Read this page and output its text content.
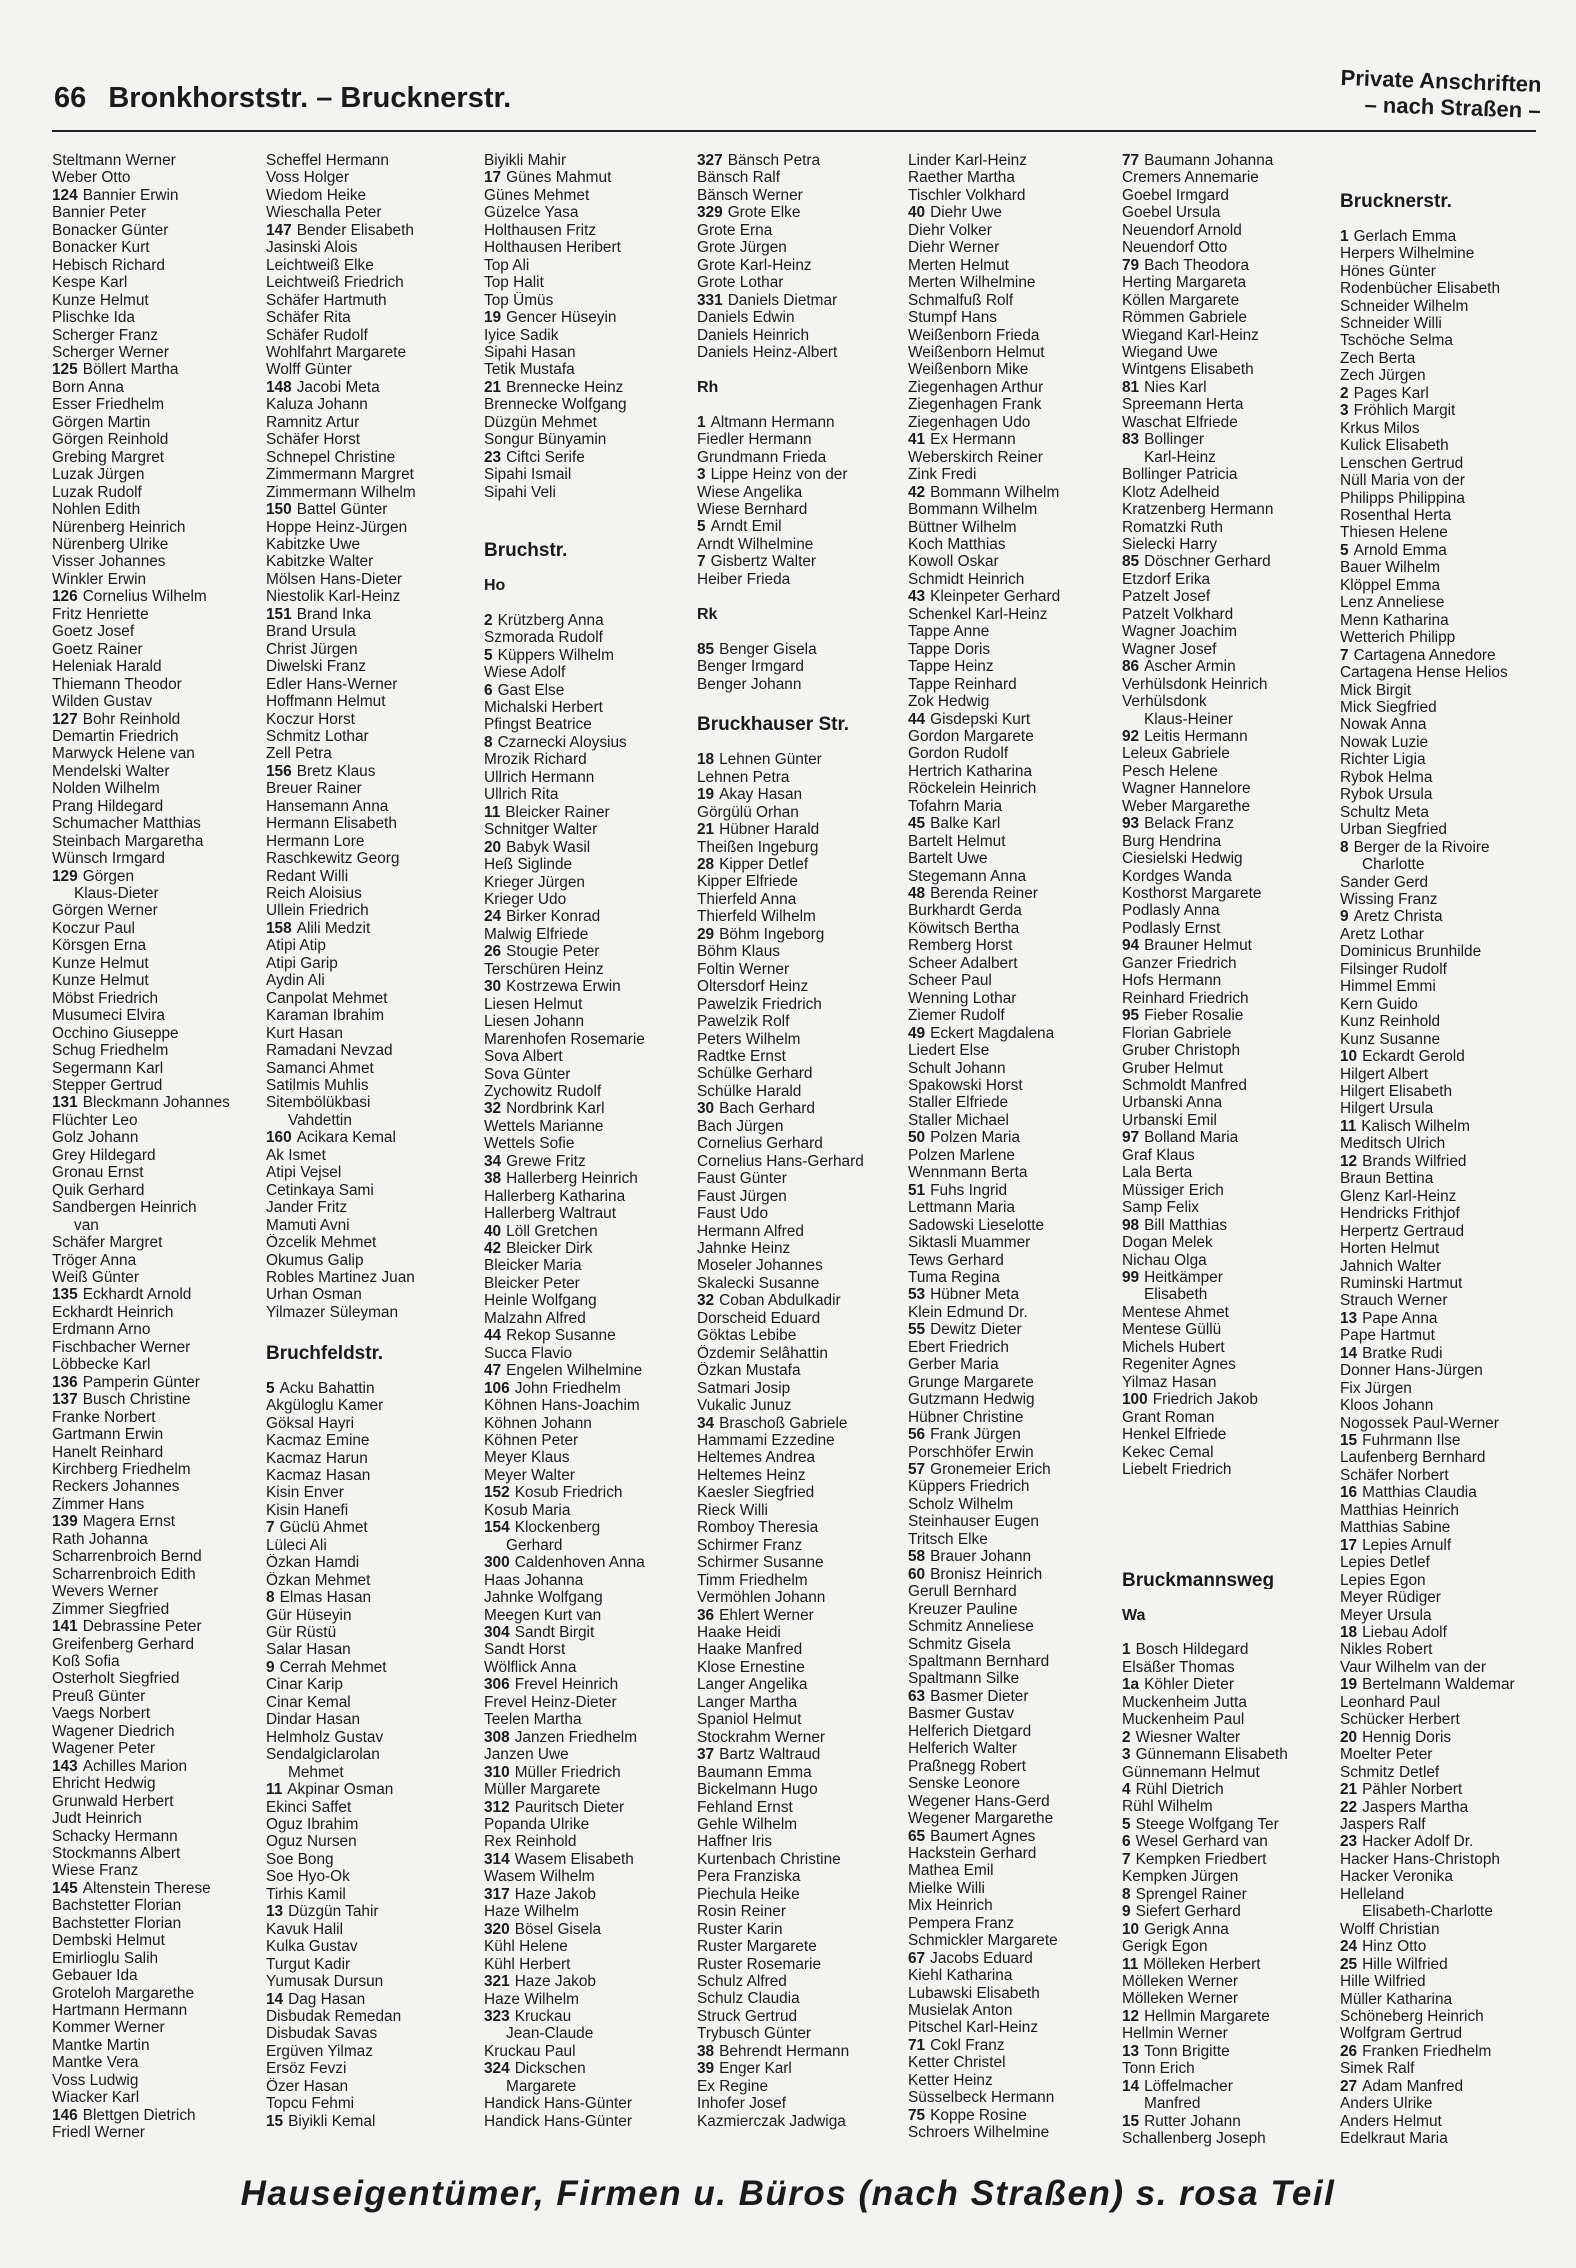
66 Bronkhorststr. – Brucknerstr.
Private Anschriften
– nach Straßen –
Steltmann Werner
Weber Otto
124 Bannier Erwin
Bannier Peter
Bonacker Günter
Bonacker Kurt
Hebisch Richard
Kespe Karl
Kunze Helmut
Plischke Ida
Scherger Franz
Scherger Werner
125 Böllert Martha
Born Anna
Esser Friedhelm
Görgen Martin
Görgen Reinhold
Grebing Margret
Luzak Jürgen
Luzak Rudolf
Nohlen Edith
Nürenberg Heinrich
Nürenberg Ulrike
Visser Johannes
Winkler Erwin
126 Cornelius Wilhelm
Fritz Henriette
Goetz Josef
Goetz Rainer
Heleniak Harald
Thiemann Theodor
Wilden Gustav
127 Bohr Reinhold
Demartin Friedrich
Marwyck Helene van
Mendelski Walter
Nolden Wilhelm
Prang Hildegard
Schumacher Matthias
Steinbach Margaretha
Wünsch Irmgard
129 Görgen
Klaus-Dieter
Görgen Werner
Koczur Paul
Körsgen Erna
Kunze Helmut
Kunze Helmut
Möbst Friedrich
Musumeci Elvira
Occhino Giuseppe
Schug Friedhelm
Segermann Karl
Stepper Gertrud
131 Bleckmann Johannes
Flüchter Leo
Golz Johann
Grey Hildegard
Gronau Ernst
Quik Gerhard
Sandbergen Heinrich
van
Schäfer Margret
Tröger Anna
Weiß Günter
135 Eckhardt Arnold
Eckhardt Heinrich
Erdmann Arno
Fischbacher Werner
Löbbecke Karl
136 Pamperin Günter
137 Busch Christine
Franke Norbert
Gartmann Erwin
Hanelt Reinhard
Kirchberg Friedhelm
Reckers Johannes
Zimmer Hans
139 Magera Ernst
Rath Johanna
Scharrenbroich Bernd
Scharrenbroich Edith
Wevers Werner
Zimmer Siegfried
141 Debrassine Peter
Greifenberg Gerhard
Koß Sofia
Osterholt Siegfried
Preuß Günter
Vaegs Norbert
Wagener Diedrich
Wagener Peter
143 Achilles Marion
Ehricht Hedwig
Grunwald Herbert
Judt Heinrich
Schacky Hermann
Stockmanns Albert
Wiese Franz
145 Altenstein Therese
Bachstetter Florian
Bachstetter Florian
Dembski Helmut
Emirlioglu Salih
Gebauer Ida
Groteloh Margarethe
Hartmann Hermann
Kommer Werner
Mantke Martin
Mantke Vera
Voss Ludwig
Wiacker Karl
146 Blettgen Dietrich
Friedl Werner
Scheffel Hermann
Voss Holger
Wiedom Heike
Wieschalla Peter
147 Bender Elisabeth
Jasinski Alois
Leichtweiß Elke
Leichtweiß Friedrich
Schäfer Hartmuth
Schäfer Rita
Schäfer Rudolf
Wohlfahrt Margarete
Wolff Günter
148 Jacobi Meta
Kaluza Johann
Ramnitz Artur
Schäfer Horst
Schnepel Christine
Zimmermann Margret
Zimmermann Wilhelm
150 Battel Günter
Hoppe Heinz-Jürgen
Kabitzke Uwe
Kabitzke Walter
Mölsen Hans-Dieter
Niestolik Karl-Heinz
151 Brand Inka
Brand Ursula
Christ Jürgen
Diwelski Franz
Edler Hans-Werner
Hoffmann Helmut
Koczur Horst
Schmitz Lothar
Zell Petra
156 Bretz Klaus
Breuer Rainer
Hansemann Anna
Hermann Elisabeth
Hermann Lore
Raschkewitz Georg
Redant Willi
Reich Aloisius
Ullein Friedrich
158 Alili Medzit
Atipi Atip
Atipi Garip
Aydin Ali
Canpolat Mehmet
Karaman Ibrahim
Kurt Hasan
Ramadani Nevzad
Samanci Ahmet
Satilmis Muhlis
Sitembölükbasi
Vahdettin
160 Acikara Kemal
Ak Ismet
Atipi Vejsel
Cetinkaya Sami
Jander Fritz
Mamuti Avni
Özcelik Mehmet
Okumus Galip
Robles Martinez Juan
Urhan Osman
Yilmazer Süleyman
Bruchfeldstr.
5 Acku Bahattin
Akgüloglu Kamer
Göksal Hayri
Kacmaz Emine
Kacmaz Harun
Kacmaz Hasan
Kisin Enver
Kisin Hanefi
7 Güclü Ahmet
Lüleci Ali
Özkan Hamdi
Özkan Mehmet
8 Elmas Hasan
Gür Hüseyin
Gür Rüstü
Salar Hasan
9 Cerrah Mehmet
Cinar Karip
Cinar Kemal
Dindar Hasan
Helmholz Gustav
Sendalgiclarolan
Mehmet
11 Akpinar Osman
Ekinci Saffet
Oguz Ibrahim
Oguz Nursen
Soe Bong
Soe Hyo-Ok
Tirhis Kamil
13 Düzgün Tahir
Kavuk Halil
Kulka Gustav
Turgut Kadir
Yumusak Dursun
14 Dag Hasan
Disbudak Remedan
Disbudak Savas
Ergüven Yilmaz
Ersöz Fevzi
Özer Hasan
Topcu Fehmi
15 Biyikli Kemal
Biyikli Mahir
17 Günes Mahmut
Günes Mehmet
Güzelce Yasa
Holthausen Fritz
Holthausen Heribert
Top Ali
Top Halit
Top Ümüs
19 Gencer Hüseyin
Iyice Sadik
Sipahi Hasan
Tetik Mustafa
21 Brennecke Heinz
Brennecke Wolfgang
Düzgün Mehmet
Songur Bünyamin
23 Ciftci Serife
Sipahi Ismail
Sipahi Veli
Bruchstr.
Ho
2 Krützberg Anna
Szmorada Rudolf
5 Küppers Wilhelm
Wiese Adolf
6 Gast Else
Michalski Herbert
Pfingst Beatrice
8 Czarnecki Aloysius
Mrozik Richard
Ullrich Hermann
Ullrich Rita
11 Bleicker Rainer
Schnitger Walter
20 Babyk Wasil
Heß Siglinde
Krieger Jürgen
Krieger Udo
24 Birker Konrad
Malwig Elfriede
26 Stougie Peter
Terschüren Heinz
30 Kostrzewa Erwin
Liesen Helmut
Liesen Johann
Marenhofen Rosemarie
Sova Albert
Sova Günter
Zychowitz Rudolf
32 Nordbrink Karl
Wettels Marianne
Wettels Sofie
34 Grewe Fritz
38 Hallerberg Heinrich
Hallerberg Katharina
Hallerberg Waltraut
40 Löll Gretchen
42 Bleicker Dirk
Bleicker Maria
Bleicker Peter
Heinle Wolfgang
Malzahn Alfred
44 Rekop Susanne
Succa Flavio
47 Engelen Wilhelmine
106 John Friedhelm
Köhnen Hans-Joachim
Köhnen Johann
Köhnen Peter
Meyer Klaus
Meyer Walter
152 Kosub Friedrich
Kosub Maria
154 Klockenberg
Gerhard
300 Caldenhoven Anna
Haas Johanna
Jahnke Wolfgang
Meegen Kurt van
304 Sandt Birgit
Sandt Horst
Wölflick Anna
306 Frevel Heinrich
Frevel Heinz-Dieter
Teelen Martha
308 Janzen Friedhelm
Janzen Uwe
310 Müller Friedrich
Müller Margarete
312 Pauritsch Dieter
Popanda Ulrike
Rex Reinhold
314 Wasem Elisabeth
Wasem Wilhelm
317 Haze Jakob
Haze Wilhelm
320 Bösel Gisela
Kühl Helene
Kühl Herbert
321 Haze Jakob
Haze Wilhelm
323 Kruckau
Jean-Claude
Kruckau Paul
324 Dickschen
Margarete
Handick Hans-Günter
Handick Hans-Günter
327 Bänsch Petra
Bänsch Ralf
Bänsch Werner
329 Grote Elke
Grote Erna
Grote Jürgen
Grote Karl-Heinz
Grote Lothar
331 Daniels Dietmar
Daniels Edwin
Daniels Heinrich
Daniels Heinz-Albert
Rh
1 Altmann Hermann
Fiedler Hermann
Grundmann Frieda
3 Lippe Heinz von der
Wiese Angelika
Wiese Bernhard
5 Arndt Emil
Arndt Wilhelmine
7 Gisbertz Walter
Heiber Frieda
Rk
85 Benger Gisela
Benger Irmgard
Benger Johann
Bruckhauser Str.
18 Lehnen Günter
Lehnen Petra
19 Akay Hasan
Görgülü Orhan
21 Hübner Harald
Theißen Ingeburg
28 Kipper Detlef
Kipper Elfriede
Thierfeld Anna
Thierfeld Wilhelm
29 Böhm Ingeborg
Böhm Klaus
Foltin Werner
Oltersdorf Heinz
Pawelzik Friedrich
Pawelzik Rolf
Peters Wilhelm
Radtke Ernst
Schülke Gerhard
Schülke Harald
30 Bach Gerhard
Bach Jürgen
Cornelius Gerhard
Cornelius Hans-Gerhard
Faust Günter
Faust Jürgen
Faust Udo
Hermann Alfred
Jahnke Heinz
Moseler Johannes
Skalecki Susanne
32 Coban Abdulkadir
Dorscheid Eduard
Göktas Lebibe
Özdemir Selâhattin
Özkan Mustafa
Satmari Josip
Vukalic Junuz
34 Braschoß Gabriele
Hammami Ezzedine
Heltemes Andrea
Heltemes Heinz
Kaesler Siegfried
Rieck Willi
Romboy Theresia
Schirmer Franz
Schirmer Susanne
Timm Friedhelm
Vermöhlen Johann
36 Ehlert Werner
Haake Heidi
Haake Manfred
Klose Ernestine
Langer Angelika
Langer Martha
Spaniol Helmut
Stockrahm Werner
37 Bartz Waltraud
Baumann Emma
Bickelmann Hugo
Fehland Ernst
Gehle Wilhelm
Haffner Iris
Kurtenbach Christine
Pera Franziska
Piechula Heike
Rosin Reiner
Ruster Karin
Ruster Margarete
Ruster Rosemarie
Schulz Alfred
Schulz Claudia
Struck Gertrud
Trybusch Günter
38 Behrendt Hermann
39 Enger Karl
Ex Regine
Inhofer Josef
Kazmierczak Jadwiga
Linder Karl-Heinz
Raether Martha
Tischler Volkhard
40 Diehr Uwe
Diehr Volker
Diehr Werner
Merten Helmut
Merten Wilhelmine
Schmalfuß Rolf
Stumpf Hans
Weißenborn Frieda
Weißenborn Helmut
Weißenborn Mike
Ziegenhagen Arthur
Ziegenhagen Frank
Ziegenhagen Udo
41 Ex Hermann
Weberskirch Reiner
Zink Fredi
42 Bommann Wilhelm
Bommann Wilhelm
Büttner Wilhelm
Koch Matthias
Kowoll Oskar
Schmidt Heinrich
43 Kleinpeter Gerhard
Schenkel Karl-Heinz
Tappe Anne
Tappe Doris
Tappe Heinz
Tappe Reinhard
Zok Hedwig
44 Gisdepski Kurt
Gordon Margarete
Gordon Rudolf
Hertrich Katharina
Röckelein Heinrich
Tofahrn Maria
45 Balke Karl
Bartelt Helmut
Bartelt Uwe
Stegemann Anna
48 Berenda Reiner
Burkhardt Gerda
Köwitsch Bertha
Remberg Horst
Scheer Adalbert
Scheer Paul
Wenning Lothar
Ziemer Rudolf
49 Eckert Magdalena
Liedert Else
Schult Johann
Spakowski Horst
Staller Elfriede
Staller Michael
50 Polzen Maria
Polzen Marlene
Wennmann Berta
51 Fuhs Ingrid
Lettmann Maria
Sadowski Lieselotte
Siktasli Muammer
Tews Gerhard
Tuma Regina
53 Hübner Meta
Klein Edmund Dr.
55 Dewitz Dieter
Ebert Friedrich
Gerber Maria
Grunge Margarete
Gutzmann Hedwig
Hübner Christine
56 Frank Jürgen
Porschhöfer Erwin
57 Gronemeier Erich
Küppers Friedrich
Scholz Wilhelm
Steinhauser Eugen
Tritsch Elke
58 Brauer Johann
60 Bronisz Heinrich
Gerull Bernhard
Kreuzer Pauline
Schmitz Anneliese
Schmitz Gisela
Spaltmann Bernhard
Spaltmann Silke
63 Basmer Dieter
Basmer Gustav
Helferich Dietgard
Helferich Walter
Praßnegg Robert
Senske Leonore
Wegener Hans-Gerd
Wegener Margarethe
65 Baumert Agnes
Hackstein Gerhard
Mathea Emil
Mielke Willi
Mix Heinrich
Pempera Franz
Schmickler Margarete
67 Jacobs Eduard
Kiehl Katharina
Lubawski Elisabeth
Musielak Anton
Pitschel Karl-Heinz
71 Cokl Franz
Ketter Christel
Ketter Heinz
Süsselbeck Hermann
75 Koppe Rosine
Schroers Wilhelmine
77 Baumann Johanna
Cremers Annemarie
Goebel Irmgard
Goebel Ursula
Neuendorf Arnold
Neuendorf Otto
79 Bach Theodora
Herting Margareta
Köllen Margarete
Römmen Gabriele
Wiegand Karl-Heinz
Wiegand Uwe
Wintgens Elisabeth
81 Nies Karl
Spreemann Herta
Waschat Elfriede
83 Bollinger
Karl-Heinz
Bollinger Patricia
Klotz Adelheid
Kratzenberg Hermann
Romatzki Ruth
Sielecki Harry
85 Döschner Gerhard
Etzdorf Erika
Patzelt Josef
Patzelt Volkhard
Wagner Joachim
Wagner Josef
86 Ascher Armin
Verhülsdonk Heinrich
Verhülsdonk
Klaus-Heiner
92 Leitis Hermann
Leleux Gabriele
Pesch Helene
Wagner Hannelore
Weber Margarethe
93 Belack Franz
Burg Hendrina
Ciesielski Hedwig
Kordges Wanda
Kosthorst Margarete
Podlasly Anna
Podlasly Ernst
94 Brauner Helmut
Ganzer Friedrich
Hofs Hermann
Reinhard Friedrich
95 Fieber Rosalie
Florian Gabriele
Gruber Christoph
Gruber Helmut
Schmoldt Manfred
Urbanski Anna
Urbanski Emil
97 Bolland Maria
Graf Klaus
Lala Berta
Müssiger Erich
Samp Felix
98 Bill Matthias
Dogan Melek
Nichau Olga
99 Heitkämper
Elisabeth
Mentese Ahmet
Mentese Güllü
Michels Hubert
Regeniter Agnes
Yilmaz Hasan
100 Friedrich Jakob
Grant Roman
Henkel Elfriede
Kekec Cemal
Liebelt Friedrich
Bruckmannsweg
Wa
1 Bosch Hildegard
Elsäßer Thomas
1a Köhler Dieter
Muckenheim Jutta
Muckenheim Paul
2 Wiesner Walter
3 Günnemann Elisabeth
Günnemann Helmut
4 Rühl Dietrich
Rühl Wilhelm
5 Steege Wolfgang Ter
6 Wesel Gerhard van
7 Kempken Friedbert
Kempken Jürgen
8 Sprengel Rainer
9 Siefert Gerhard
10 Gerigk Anna
Gerigk Egon
11 Mölleken Herbert
Mölleken Werner
Mölleken Werner
12 Hellmin Margarete
Hellmin Werner
13 Tonn Brigitte
Tonn Erich
14 Löffelmacher
Manfred
15 Rutter Johann
Schallenberg Joseph
Brucknerstr.
1 Gerlach Emma
Herpers Wilhelmine
Hönes Günter
Rodenbücher Elisabeth
Schneider Wilhelm
Schneider Willi
Tschöche Selma
Zech Berta
Zech Jürgen
2 Pages Karl
3 Fröhlich Margit
Krkus Milos
Kulick Elisabeth
Lenschen Gertrud
Nüll Maria von der
Philipps Philippina
Rosenthal Herta
Thiesen Helene
5 Arnold Emma
Bauer Wilhelm
Klöppel Emma
Lenz Anneliese
Menn Katharina
Wetterich Philipp
7 Cartagena Annedore
Cartagena Hense Helios
Mick Birgit
Mick Siegfried
Nowak Anna
Nowak Luzie
Richter Ligia
Rybok Helma
Rybok Ursula
Schultz Meta
Urban Siegfried
8 Berger de la Rivoire
Charlotte
Sander Gerd
Wissing Franz
9 Aretz Christa
Aretz Lothar
Dominicus Brunhilde
Filsinger Rudolf
Himmel Emmi
Kern Guido
Kunz Reinhold
Kunz Susanne
10 Eckardt Gerold
Hilgert Albert
Hilgert Elisabeth
Hilgert Ursula
11 Kalisch Wilhelm
Meditsch Ulrich
12 Brands Wilfried
Braun Bettina
Glenz Karl-Heinz
Hendricks Frithjof
Herpertz Gertraud
Horten Helmut
Jahnich Walter
Ruminski Hartmut
Strauch Werner
13 Pape Anna
Pape Hartmut
14 Bratke Rudi
Donner Hans-Jürgen
Fix Jürgen
Kloos Johann
Nogossek Paul-Werner
15 Fuhrmann Ilse
Laufenberg Bernhard
Schäfer Norbert
16 Matthias Claudia
Matthias Heinrich
Matthias Sabine
17 Lepies Arnulf
Lepies Detlef
Lepies Egon
Meyer Rüdiger
Meyer Ursula
18 Liebau Adolf
Nikles Robert
Vaur Wilhelm van der
19 Bertelmann Waldemar
Leonhard Paul
Schücker Herbert
20 Hennig Doris
Moelter Peter
Schmitz Detlef
21 Pähler Norbert
22 Jaspers Martha
Jaspers Ralf
23 Hacker Adolf Dr.
Hacker Hans-Christoph
Hacker Veronika
Helleland
Elisabeth-Charlotte
Wolff Christian
24 Hinz Otto
25 Hille Wilfried
Hille Wilfried
Müller Katharina
Schöneberg Heinrich
Wolfgram Gertrud
26 Franken Friedhelm
Simek Ralf
27 Adam Manfred
Anders Ulrike
Anders Helmut
Edelkraut Maria
Hauseigentümer, Firmen u. Büros (nach Straßen) s. rosa Teil
